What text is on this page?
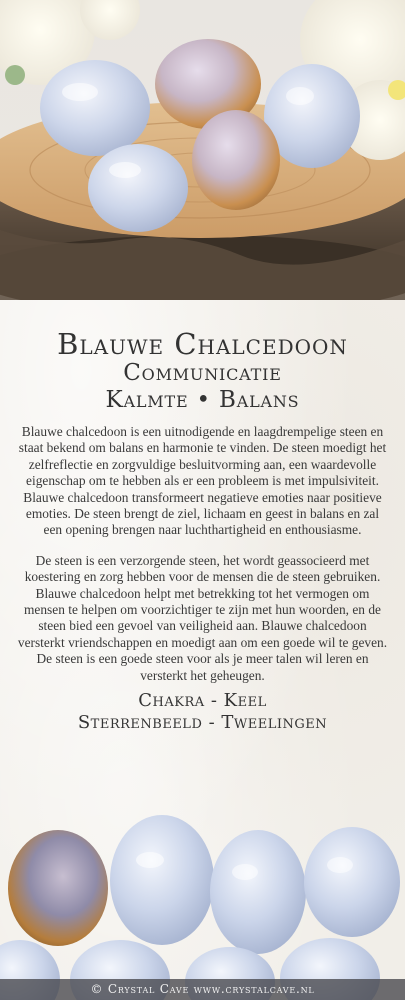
Blauwe Chalcedoon
Communicatie
Kalmte • Balans

Blauwe chalcedoon is een uitnodigende en laagdrempelige steen en staat bekend om balans en harmonie te vinden. De steen moedigt het zelfreflectie en zorgvuldige besluitvorming aan, een waardevolle eigenschap om te hebben als er een probleem is met impulsiviteit. Blauwe chalcedoon transformeert negatieve emoties naar positieve emoties. De steen brengt de ziel, lichaam en geest in balans en zal een opening brengen naar luchthartigheid en enthousiasme.

De steen is een verzorgende steen, het wordt geassocieerd met koestering en zorg hebben voor de mensen die de steen gebruiken. Blauwe chalcedoon helpt met betrekking tot het vermogen om mensen te helpen om voorzichtiger te zijn met hun woorden, en de steen bied een gevoel van veiligheid aan. Blauwe chalcedoon versterkt vriendschappen en moedigt aan om een goede wil te geven. De steen is een goede steen voor als je meer talen wil leren en versterkt het geheugen.

Chakra - Keel
Sterrenbeeld - Tweelingen
© Crystal Cave www.crystalcave.nl
